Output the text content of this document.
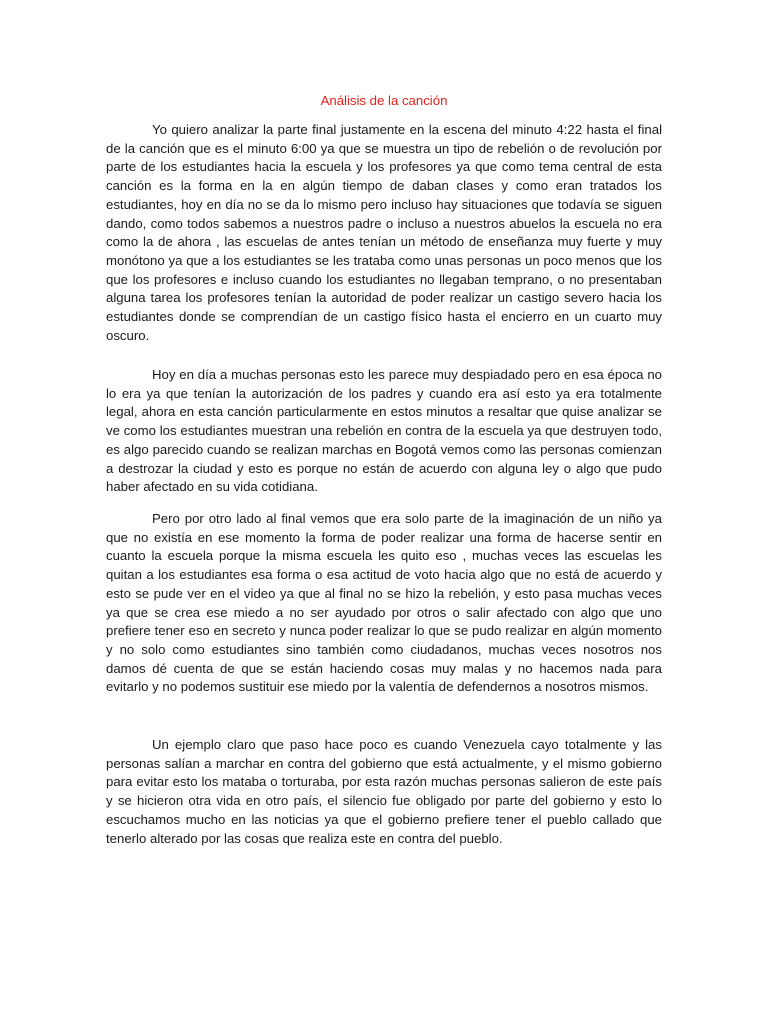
Análisis de la canción

Yo quiero analizar la parte final justamente en la escena del minuto 4:22 hasta el final de la canción que es el minuto 6:00 ya que se muestra un tipo de rebelión o de revolución por parte de los estudiantes hacia la escuela y los profesores ya que como tema central de esta canción es la forma en la en algún tiempo de daban clases y como eran tratados los estudiantes, hoy en día no se da lo mismo pero incluso hay situaciones que todavía se siguen dando, como todos sabemos a nuestros padre o incluso a nuestros abuelos la escuela no era como la de ahora , las escuelas de antes tenían un método de enseñanza muy fuerte y muy monótono ya que a los estudiantes se les trataba como unas personas un poco menos que los que los profesores e incluso cuando los estudiantes no llegaban temprano, o no presentaban alguna tarea los profesores tenían la autoridad de poder realizar un castigo severo hacia los estudiantes donde se comprendían de un castigo físico hasta el encierro en un cuarto muy oscuro.

Hoy en día a muchas personas esto les parece muy despiadado pero en esa época no lo era ya que tenían la autorización de los padres y cuando era así esto ya era totalmente legal, ahora en esta canción particularmente en estos minutos a resaltar que quise analizar se ve como los estudiantes muestran una rebelión en contra de la escuela ya que destruyen todo, es algo parecido cuando se realizan marchas en Bogotá vemos como las personas comienzan a destrozar la ciudad y esto es porque no están de acuerdo con alguna ley o algo que pudo haber afectado en su vida cotidiana.

Pero por otro lado al final vemos que era solo parte de la imaginación de un niño ya que no existía en ese momento la forma de poder realizar una forma de hacerse sentir en cuanto la escuela porque la misma escuela les quito eso , muchas veces las escuelas les quitan a los estudiantes esa forma o esa actitud de voto hacia algo que no está de acuerdo y esto se pude ver en el video ya que al final no se hizo la rebelión, y esto pasa muchas veces ya que se crea ese miedo a no ser ayudado por otros o salir afectado con algo que uno prefiere tener eso en secreto y nunca poder realizar lo que se pudo realizar en algún momento y no solo como estudiantes sino también como ciudadanos, muchas veces nosotros nos damos dé cuenta de que se están haciendo cosas muy malas y no hacemos nada para evitarlo y no podemos sustituir ese miedo por la valentía de defendernos a nosotros mismos.

Un ejemplo claro que paso hace poco es cuando Venezuela cayo totalmente y las personas salían a marchar en contra del gobierno que está actualmente, y el mismo gobierno para evitar esto los mataba o torturaba, por esta razón muchas personas salieron de este país y se hicieron otra vida en otro país, el silencio fue obligado por parte del gobierno y esto lo escuchamos mucho en las noticias ya que el gobierno prefiere tener el pueblo callado que tenerlo alterado por las cosas que realiza este en contra del pueblo.
